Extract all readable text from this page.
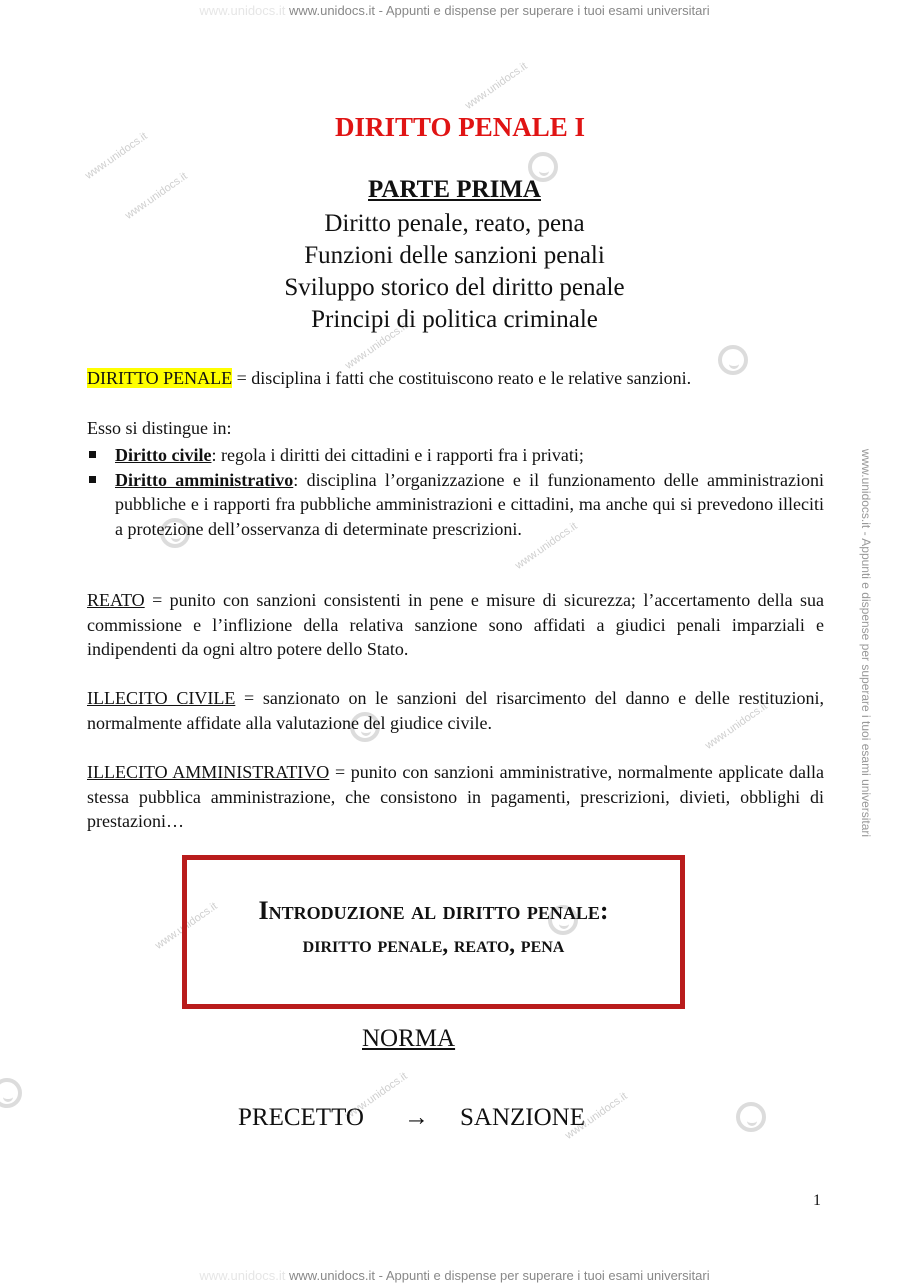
www.unidocs.it www.unidocs.it - Appunti e dispense per superare i tuoi esami universitari
www.unidocs.it www.unidocs.it - Appunti e dispense per superare i tuoi esami universitari
www.unidocs.it - Appunti e dispense per superare i tuoi esami universitari
www.unidocs.it
www.unidocs.it
www.unidocs.it
www.unidocs.it
www.unidocs.it
www.unidocs.it
www.unidocs.it
www.unidocs.it	www.unidocs.it
DIRITTO PENALE I
PARTE PRIMA
Diritto penale, reato, pena
Funzioni delle sanzioni penali
Sviluppo storico del diritto penale
Principi di politica criminale
DIRITTO PENALE = disciplina i fatti che costituiscono reato e le relative sanzioni.
Esso si distingue in:
Diritto civile: regola i diritti dei cittadini e i rapporti fra i privati;
Diritto amministrativo: disciplina l’organizzazione e il funzionamento delle amministrazioni pubbliche e i rapporti fra pubbliche amministrazioni e cittadini, ma anche qui si prevedono illeciti a protezione dell’osservanza di determinate prescrizioni.
REATO = punito con sanzioni consistenti in pene e misure di sicurezza; l’accertamento della sua commissione e l’inflizione della relativa sanzione sono affidati a giudici penali imparziali e indipendenti da ogni altro potere dello Stato.
ILLECITO CIVILE = sanzionato on le sanzioni del risarcimento del danno e delle restituzioni, normalmente affidate alla valutazione del giudice civile.
ILLECITO AMMINISTRATIVO = punito con sanzioni amministrative, normalmente applicate dalla stessa pubblica amministrazione, che consistono in pagamenti, prescrizioni, divieti, obblighi di prestazioni…
Introduzione al diritto penale:
diritto penale, reato, pena
NORMA
PRECETTO → SANZIONE
1
